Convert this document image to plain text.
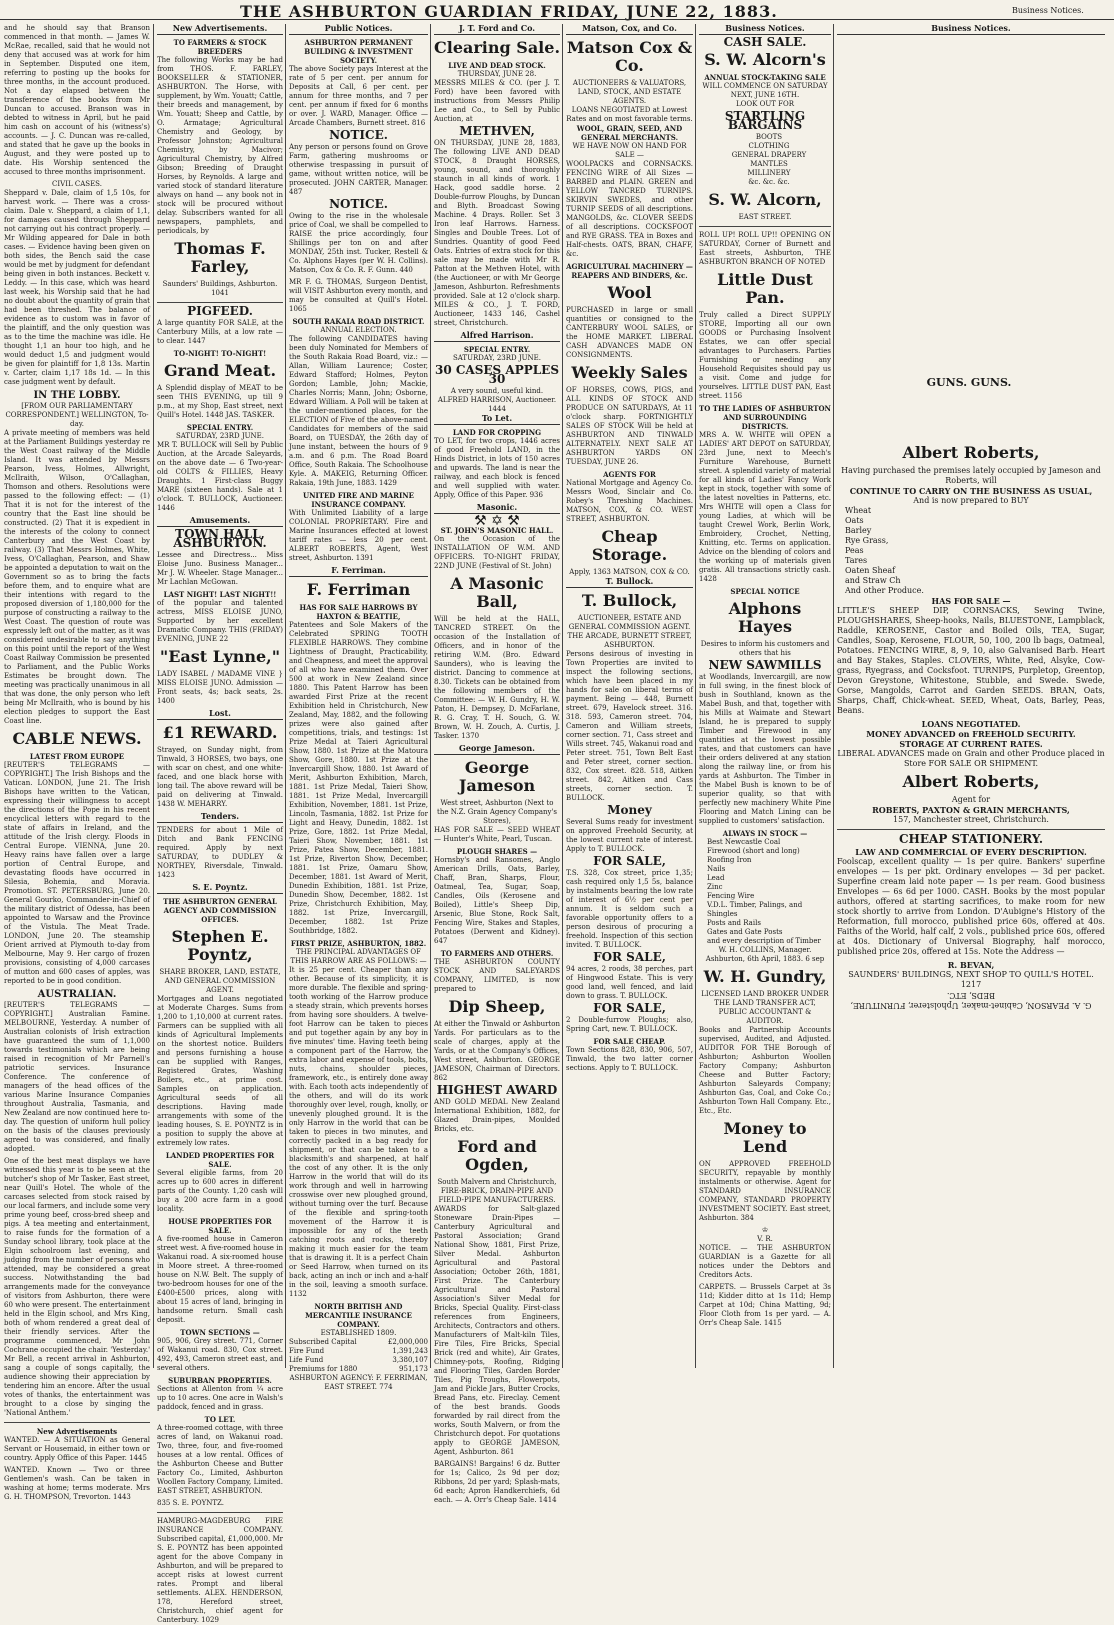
THE ASHBURTON GUARDIAN FRIDAY, JUNE 22, 1883.	Business Notices.

and he should say that Branson commenced in that month. — James W. McRae, recalled, said that he would not deny that accused was at work for him in September. Disputed one item, referring to posting up the books for three months, in the account produced. Not a day elapsed between the transference of the books from Mr Duncan to accused. Branson was in debted to witness in April, but he paid him cash on account of his (witness's) accounts. — J. C. Duncan was re-called, and stated that he gave up the books in August, and they were posted up to date. His Worship sentenced the accused to three months imprisonment.

CIVIL CASES.

Sheppard v. Dale, claim of 1,5 10s, for harvest work. — There was a cross-claim. Dale v. Sheppard, a claim of 1,1, for damages caused through Sheppard not carrying out his contract properly. — Mr Wilding appeared for Dale in both cases. — Evidence having been given on both sides, the Bench said the case would be met by judgment for defendant being given in both instances. Beckett v. Leddy. — In this case, which was heard last week, his Worship said that he had no doubt about the quantity of grain that had been threshed. The balance of evidence as to custom was in favor of the plaintiff, and the only question was as to the time the machine was idle. He thought 1,1 an hour too high, and he would deduct 1,5 and judgment would be given for plaintiff for 1,8 13s. Martin v. Carter, claim 1,17 18s 1d. — In this case judgment went by default.

IN THE LOBBY.
[FROM OUR PARLIAMENTARY CORRESPONDENT.] WELLINGTON, To-day.

A private meeting of members was held at the Parliament Buildings yesterday re the West Coast railway of the Middle Island. It was attended by Messrs Pearson, Ivess, Holmes, Allwright, McIlraith, Wilson, O'Callaghan, Thomson and others. Resolutions were passed to the following effect: — (1) That it is not for the interest of the country that the East line should be constructed. (2) That it is expedient in the interests of the colony to connect Canterbury and the West Coast by railway. (3) That Messrs Holmes, White, Ivess, O'Callaghan, Pearson, and Shaw be appointed a deputation to wait on the Government so as to bring the facts before them, and to enquire what are their intentions with regard to the proposed diversion of 1,180,000 for the purpose of constructing a railway to the West Coast. The question of route was expressly left out of the matter, as it was considered undesirable to say anything on this point until the report of the West Coast Railway Commission be presented to Parliament, and the Public Works Estimates be brought down. The meeting was practically unanimous in all that was done, the only person who left being Mr McIlraith, who is bound by his election pledges to support the East Coast line.

CABLE NEWS.
LATEST FROM EUROPE

[REUTER'S TELEGRAMS — COPYRIGHT.] The Irish Bishops and the Vatican. LONDON, June 21. The Irish Bishops have written to the Vatican, expressing their willingness to accept the directions of the Pope in his recent encyclical letters with regard to the state of affairs in Ireland, and the attitude of the Irish clergy. Floods in Central Europe. VIENNA, June 20. Heavy rains have fallen over a large portion of Central Europe, and devastating floods have occurred in Silesia, Bohemia, and Moravia. Promotion. ST. PETERSBURG, June 20. General Gourko, Commander-in-Chief of the military district of Odessa, has been appointed to Warsaw and the Province of the Vistula. The Meat Trade. LONDON, June 20. The steamship Orient arrived at Plymouth to-day from Melbourne, May 9. Her cargo of frozen provisions, consisting of 4,000 carcases of mutton and 600 cases of apples, was reported to be in good condition.

AUSTRALIAN.

[REUTER'S TELEGRAMS — COPYRIGHT.] Australian Famine. MELBOURNE, Yesterday. A number of Australian colonists of Irish extraction have guaranteed the sum of 1,1,000 towards testimonials which are being raised in recognition of Mr Parnell's patriotic services. Insurance Conference. The conference of managers of the head offices of the various Marine Insurance Companies throughout Australia, Tasmania, and New Zealand are now continued here to-day. The question of uniform hull policy on the basis of the clauses previously agreed to was considered, and finally adopted.

One of the best meat displays we have witnessed this year is to be seen at the butcher's shop of Mr Tasker, East street, near Quill's Hotel. The whole of the carcases selected from stock raised by our local farmers, and include some very prime young beef, cross-bred sheep and pigs. A tea meeting and entertainment, to raise funds for the formation of a Sunday school library, took place at the Elgin schoolroom last evening, and judging from the number of persons who attended, may be considered a great success. Notwithstanding the bad arrangements made for the conveyance of visitors from Ashburton, there were 60 who were present. The entertainment held in the Elgin school, and Mrs King, both of whom rendered a great deal of their friendly services. After the programme commenced, Mr John Cochrane occupied the chair. 'Yesterday.' Mr Bell, a recent arrival in Ashburton, sang a couple of songs capitally, the audience showing their appreciation by tendering him an encore. After the usual votes of thanks, the entertainment was brought to a close by singing the 'National Anthem.'

New Advertisements

WANTED. — A SITUATION as General Servant or Housemaid, in either town or country. Apply Office of this Paper. 1445

WANTED. Known — Two or three Gentlemen's wash. Can be taken in washing at home; terms moderate. Mrs G. H. THOMPSON, Trevorton. 1443

New Advertisements.
TO FARMERS & STOCK BREEDERS

The following Works may be had from THOS. F. FARLEY, BOOKSELLER & STATIONER, ASHBURTON. The Horse, with supplement, by Wm. Youatt; Cattle, their breeds and management, by Wm. Youatt; Sheep and Cattle, by O. Armatage; Agricultural Chemistry and Geology, by Professor Johnston; Agricultural Chemistry, by Macivor; Agricultural Chemistry, by Alfred Gibson; Breeding of Draught Horses, by Reynolds. A large and varied stock of standard literature always on hand — any book not in stock will be procured without delay. Subscribers wanted for all newspapers, pamphlets, and periodicals, by

Thomas F. Farley,
Saunders' Buildings, Ashburton. 1041
PIGFEED.

A large quantity FOR SALE, at the Canterbury Mills, at a low rate — to clear. 1447

TO-NIGHT! TO-NIGHT!
Grand Meat.

A Splendid display of MEAT to be seen THIS EVENING, up till 9 p.m., at my Shop, East street, next Quill's Hotel. 1448 JAS. TASKER.

SPECIAL ENTRY.
SATURDAY, 23RD JUNE.

MR T. BULLOCK will Sell by Public Auction, at the Arcade Saleyards, on the above date — 6 Two-year-old COLTS & FILLIES, Heavy Draughts. 1 First-class Buggy MARE (sixteen hands). Sale at 1 o'clock. T. BULLOCK, Auctioneer. 1446

Amusements.
TOWN HALL, ASHBURTON.

Lessee and Directress... Miss Eloise Juno. Business Manager... Mr J. W. Wheeler. Stage Manager... Mr Lachlan McGowan.

LAST NIGHT! LAST NIGHT!!

of the popular and talented actress, MISS ELOISE JUNO, Supported by her excellent Dramatic Company. THIS (FRIDAY) EVENING, JUNE 22

"East Lynne,"

LADY ISABEL / MADAME VINE } MISS ELOISE JUNO. Admission — Front seats, 4s; back seats, 2s. 1400

Lost.
£1 REWARD.

Strayed, on Sunday night, from Tinwald, 3 HORSES, two bays, one with scar on chest, and one white-faced, and one black horse with long tail. The above reward will be paid on delivering at Tinwald. 1438 W. MEHARRY.

Tenders.

TENDERS for about 1 Mile of Ditch and Bank FENCING required. Apply by next SATURDAY, to DUDLEY & NORTHEY, Riversdale, Tinwald. 1423

S. E. Poyntz.
THE ASHBURTON GENERAL AGENCY AND COMMISSION OFFICES.
Stephen E. Poyntz,
SHARE BROKER, LAND, ESTATE, AND GENERAL COMMISSION AGENT.

Mortgages and Loans negotiated at Moderate Charges. Sums from 1,200 to 1,10,000 at current rates. Farmers can be supplied with all kinds of Agricultural Implements on the shortest notice. Builders and persons furnishing a house can be supplied with Ranges, Registered Grates, Washing Boilers, etc., at prime cost. Samples on application. Agricultural seeds of all descriptions. Having made arrangements with some of the leading houses, S. E. POYNTZ is in a position to supply the above at extremely low rates.

LANDED PROPERTIES FOR SALE.

Several eligible farms, from 20 acres up to 600 acres in different parts of the County. 1,20 cash will buy a 200 acre farm in a good locality.

HOUSE PROPERTIES FOR SALE.

A five-roomed house in Cameron street west. A five-roomed house in Wakanui road. A six-roomed house in Moore street. A three-roomed house on N.W. Belt. The supply of two-bedroom houses for one of the £400-£500 prices, along with about 15 acres of land, bringing in handsome return. Small cash deposit.

TOWN SECTIONS —

905, 906, Grey street. 771, Corner of Wakanui road. 830, Cox street. 492, 493, Cameron street east, and several others.

SUBURBAN PROPERTIES.

Sections at Allenton from ¼ acre up to 10 acres. One acre in Walsh's paddock, fenced and in grass.

TO LET.

A three-roomed cottage, with three acres of land, on Wakanui road. Two, three, four, and five-roomed houses at a low rental. Offices of the Ashburton Cheese and Butter Factory Co., Limited, Ashburton Woollen Factory Company, Limited. EAST STREET, ASHBURTON.

835 S. E. POYNTZ.

HAMBURG-MAGDEBURG FIRE INSURANCE COMPANY. Subscribed capital, £1,000,000. Mr S. E. POYNTZ has been appointed agent for the above Company in Ashburton, and will be prepared to accept risks at lowest current rates. Prompt and liberal settlements. ALEX. HENDERSON, 178, Hereford street, Christchurch, chief agent for Canterbury. 1029

Public Notices.
ASHBURTON PERMANENT BUILDING & INVESTMENT SOCIETY.

The above Society pays Interest at the rate of 5 per cent. per annum for Deposits at Call, 6 per cent. per annum for three months, and 7 per cent. per annum if fixed for 6 months or over. J. WARD, Manager. Office — Arcade Chambers, Burnett street. 816

NOTICE.

Any person or persons found on Grove Farm, gathering mushrooms or otherwise trespassing in pursuit of game, without written notice, will be prosecuted. JOHN CARTER, Manager. 487

NOTICE.

Owing to the rise in the wholesale price of Coal, we shall be compelled to RAISE the price accordingly, four Shillings per ton on and after MONDAY, 25th inst. Tucker, Restell & Co. Alphons Hayes (per W. H. Collins). Matson, Cox & Co. R. F. Gunn. 440

MR F. G. THOMAS, Surgeon Dentist, will VISIT Ashburton every month, and may be consulted at Quill's Hotel. 1065

SOUTH RAKAIA ROAD DISTRICT.
ANNUAL ELECTION.

The following CANDIDATES having been duly Nominated for Members of the South Rakaia Road Board, viz.: — Allan, William Laurence; Coster, Edward Stafford; Holmes, Peyton Gordon; Lamble, John; Mackie, Charles Norris; Mann, John; Osborne, Edward William. A Poll will be taken at the under-mentioned places, for the ELECTION of Five of the above-named Candidates for members of the said Board, on TUESDAY, the 26th day of June instant, between the hours of 9 a.m. and 6 p.m. The Road Board Office, South Rakaia. The Schoolhouse Kyle. A. MAKEIG, Returning Officer. Rakaia, 19th June, 1883. 1429

UNITED FIRE AND MARINE INSURANCE COMPANY.

With Unlimited Liability of a large COLONIAL PROPRIETARY. Fire and Marine Insurances effected at lowest tariff rates — less 20 per cent. ALBERT ROBERTS, Agent, West street, Ashburton. 1391

F. Ferriman.
F. Ferriman
HAS FOR SALE HARROWS BY HAXTON & BEATTIE,

Patentees and Sole Makers of the Celebrated SPRING TOOTH FLEXIBLE HARROWS. They combine Lightness of Draught, Practicability, and Cheapness, and meet the approval of all who have examined them. Over 500 at work in New Zealand since 1880. This Patent Harrow has been awarded First Prize at the recent Exhibition held in Christchurch, New Zealand, May, 1882, and the following prizes were also gained after competitions, trials, and testings: 1st Prize Medal at Taieri Agricultural Show, 1880. 1st Prize at the Matoura Show, Gore, 1880. 1st Prize at the Invercargill Show, 1880. 1st Award of Merit, Ashburton Exhibition, March, 1881. 1st Prize Medal, Taieri Show, 1881. 1st Prize Medal, Invercargill Exhibition, November, 1881. 1st Prize, Lincoln, Tasmania, 1882. 1st Prize for Light and Heavy, Dunedin, 1882. 1st Prize, Gore, 1882. 1st Prize Medal, Taieri Show, November, 1881. 1st Prize, Patea Show, December, 1881. 1st Prize, Riverton Show, December, 1881. 1st Prize, Oamaru Show, December, 1881. 1st Award of Merit, Dunedin Exhibition, 1881. 1st Prize, Dunedin Show, December, 1882. 1st Prize, Christchurch Exhibition, May, 1882. 1st Prize, Invercargill, December, 1882. 1st Prize Southbridge, 1882.

FIRST PRIZE, ASHBURTON, 1882.
THE PRINCIPAL ADVANTAGES OF THIS HARROW ARE AS FOLLOWS: —

It is 25 per cent. Cheaper than any other. Because of its simplicity, it is more durable. The flexible and spring-tooth working of the Harrow produce a steady strain, which prevents horses from having sore shoulders. A twelve-foot Harrow can be taken to pieces and put together again by any boy in five minutes' time. Having teeth being a component part of the Harrow, the extra labor and expense of tools, bolts, nuts, chains, shoulder pieces, framework, etc., is entirely done away with. Each tooth acts independently of the others, and will do its work thoroughly over level, rough, knolly, or unevenly ploughed ground. It is the only Harrow in the world that can be taken to pieces in two minutes, and correctly packed in a bag ready for shipment, or that can be taken to a blacksmith's and sharpened, at half the cost of any other. It is the only Harrow in the world that will do its work through and well in harrowing crosswise over new ploughed ground, without turning over the turf. Because of the flexible and spring-tooth movement of the Harrow it is impossible for any of the teeth catching roots and rocks, thereby making it much easier for the team that is drawing it. It is a perfect Chain or Seed Harrow, when turned on its back, acting an inch or inch and a-half in the soil, leaving a smooth surface. 1132

NORTH BRITISH AND MERCANTILE INSURANCE COMPANY.
ESTABLISHED 1809.
Subscribed Capital	£2,000,000
Fire Fund	1,391,243
Life Fund	3,380,107
Premiums for 1880	951,173

ASHBURTON AGENCY: F. FERRIMAN, EAST STREET. 774

J. T. Ford and Co.
Clearing Sale.
LIVE AND DEAD STOCK.
THURSDAY, JUNE 28.

MESSRS MILES & CO. (per J. T. Ford) have been favored with instructions from Messrs Philip Lee and Co., to Sell by Public Auction, at

METHVEN,

ON THURSDAY, JUNE 28, 1883, The following LIVE AND DEAD STOCK, 8 Draught HORSES, young, sound, and thoroughly staunch in all kinds of work. 1 Hack, good saddle horse. 2 Double-furrow Ploughs, by Duncan and Blyth. Broadcast Sowing Machine. 4 Drays. Roller. Set 3 Iron leaf Harrows. Harness. Singles and Double Trees. Lot of Sundries. Quantity of good Feed Oats. Entries of extra stock for this sale may be made with Mr R. Patton at the Methven Hotel, with (the Auctioneer, or with Mr George Jameson, Ashburton. Refreshments provided. Sale at 12 o'clock sharp. MILES & CO., J. T. FORD, Auctioneer, 1433 146, Cashel street, Christchurch.

Alfred Harrison.
SPECIAL ENTRY.
SATURDAY, 23RD JUNE.
30 CASES APPLES 30
A very sound, useful kind.
ALFRED HARRISON, Auctioneer. 1444
To Let.
LAND FOR CROPPING

TO LET, for two crops, 1446 acres of good Freehold LAND, in the Hinds District, in lots of 150 acres and upwards. The land is near the railway, and each block is fenced and well supplied with water. Apply, Office of this Paper. 936

Masonic.
⚒ ✡ ⚒
ST. JOHN'S MASONIC HALL.

On the Occasion of the INSTALLATION OF W.M. AND OFFICERS. TO-NIGHT FRIDAY, 22ND JUNE (Festival of St. John)

A Masonic Ball,

Will be held at the HALL, TANCRED STREET. On the occasion of the Installation of Officers, and in honor of the retiring W.M. (Bro. Edward Saunders), who is leaving the district. Dancing to commence at 8.30. Tickets can be obtained from the following members of the Committee: — W. H. Gundry, H. W. Paton, H. Dempsey, D. McFarlane, R. G. Cray, T. H. Souch, G. W. Brown, W. H. Zouch, A. Curtis, J. Tasker. 1370

George Jameson.
George Jameson
West street, Ashburton (Next to the N.Z. Grain Agency Company's Stores),

HAS FOR SALE — SEED WHEAT — Hunter's White, Pearl, Tuscan.

PLOUGH SHARES —

Hornsby's and Ransomes, Anglo American Drills, Oats, Barley, Chaff, Bran, Sharps, Flour, Oatmeal, Tea, Sugar, Soap, Candles, Oils (Kerosene and Boiled), Little's Sheep Dip, Arsenic, Blue Stone, Rock Salt, Fencing Wire, Stakes and Staples, Potatoes (Derwent and Kidney). 647

TO FARMERS AND OTHERS.

THE ASHBURTON COUNTY STOCK AND SALEYARDS COMPANY, LIMITED, is now prepared to

Dip Sheep,

At either the Tinwald or Ashburton Yards. For particulars as to the scale of charges, apply at the Yards, or at the Company's Offices, West street, Ashburton. GEORGE JAMESON, Chairman of Directors. 862

HIGHEST AWARD

AND GOLD MEDAL New Zealand International Exhibition, 1882, for Glazed Drain-pipes, Moulded Bricks, etc.

Ford and Ogden,
South Malvern and Christchurch, FIRE-BRICK, DRAIN-PIPE AND FIELD-PIPE MANUFACTURERS.

AWARDS for Salt-glazed Stoneware Drain-Pipes — Canterbury Agricultural and Pastoral Association; Grand National Show, 1881, First Prize, Silver Medal. Ashburton Agricultural and Pastoral Association; October 26th, 1881, First Prize. The Canterbury Agricultural and Pastoral Association's Silver Medal for Bricks, Special Quality. First-class references from Engineers, Architects, Contractors and others. Manufacturers of Malt-kiln Tiles, Fire Tiles, Fire Bricks, Special Brick (red and white), Air Grates, Chimney-pots, Roofing, Ridging and Flooring Tiles, Garden Border Tiles, Pig Troughs, Flowerpots, Jam and Pickle Jars, Butter Crocks, Bread Pans, etc. Fireclay. Cement of the best brands. Goods forwarded by rail direct from the works, South Malvern, or from the Christchurch depot. For quotations apply to GEORGE JAMESON, Agent, Ashburton. 861

BARGAINS! Bargains! 6 dz. Butter for 1s; Calico, 2s 9d per doz; Ribbons, 2d per yard; Splash-mats, 6d each; Apron Handkerchiefs, 6d each. — A. Orr's Cheap Sale. 1414

Matson, Cox, and Co.
Matson Cox & Co.
AUCTIONEERS & VALUATORS, LAND, STOCK, AND ESTATE AGENTS.
LOANS NEGOTIATED at Lowest Rates and on most favorable terms.
WOOL, GRAIN, SEED, AND GENERAL MERCHANTS.
WE HAVE NOW ON HAND FOR SALE —

WOOLPACKS and CORNSACKS. FENCING WIRE of All Sizes — BARBED and PLAIN. GREEN and YELLOW TANCRED TURNIPS. SKIRVIN SWEDES, and other TURNIP SEEDS of all descriptions. MANGOLDS, &c. CLOVER SEEDS of all descriptions. COCKSFOOT and RYE GRASS. TEA in Boxes and Half-chests. OATS, BRAN, CHAFF, &c.

AGRICULTURAL MACHINERY — REAPERS AND BINDERS, &c.
Wool

PURCHASED in large or small quantities or consigned to the CANTERBURY WOOL SALES, or the HOME MARKET. LIBERAL CASH ADVANCES MADE ON CONSIGNMENTS.

Weekly Sales

OF HORSES, COWS, PIGS, and ALL KINDS OF STOCK AND PRODUCE ON SATURDAYS, At 11 o'clock sharp. FORTNIGHTLY SALES OF STOCK Will be held at ASHBURTON AND TINWALD ALTERNATELY. NEXT SALE AT ASHBURTON YARDS ON TUESDAY, JUNE 26.

AGENTS FOR

National Mortgage and Agency Co. Messrs Wood, Sinclair and Co. Robey's Threshing Machines. MATSON, COX, & CO. WEST STREET, ASHBURTON.

Cheap Storage.
Apply, 1363 MATSON, COX & CO.
T. Bullock.
T. Bullock,
AUCTIONEER, ESTATE AND GENERAL COMMISSION AGENT. THE ARCADE, BURNETT STREET, ASHBURTON.

Persons desirous of investing in Town Properties are invited to inspect the following sections, which have been placed in my hands for sale on liberal terms of payment. Being — 448, Burnett street. 679, Havelock street. 316. 318. 593, Cameron street. 704, Cameron and William streets, corner section. 71, Cass street and Wills street. 745, Wakanui road and Peter street. 751, Town Belt East and Peter street, corner section. 832, Cox street. 828. 518, Aitken street. 842, Aitken and Cass streets, corner section. T. BULLOCK.

Money

Several Sums ready for investment on approved Freehold Security, at the lowest current rate of interest. Apply to T. BULLOCK.

FOR SALE,

T.S. 328, Cox street, price 1,35; cash required only 1,5 5s, balance by instalments bearing the low rate of interest of 6½ per cent per annum. It is seldom such a favorable opportunity offers to a person desirous of procuring a freehold. Inspection of this section invited. T. BULLOCK.

FOR SALE,

94 acres, 2 roods, 38 perches, part of Hingwood Estate. This is very good land, well fenced, and laid down to grass. T. BULLOCK.

FOR SALE,

2 Double-furrow Ploughs; also, Spring Cart, new. T. BULLOCK.

FOR SALE CHEAP.

Town Sections 828, 830, 906, 507, Tinwald, the two latter corner sections. Apply to T. BULLOCK.

Business Notices.
CASH SALE.
S. W. Alcorn's
ANNUAL STOCK-TAKING SALE
WILL COMMENCE ON SATURDAY NEXT, JUNE 16TH.
LOOK OUT FOR
STARTLING BARGAINS
BOOTS
CLOTHING
GENERAL DRAPERY
MANTLES
MILLINERY
&c. &c. &c.
S. W. Alcorn,
EAST STREET.

ROLL UP! ROLL UP!! OPENING ON SATURDAY, Corner of Burnett and East streets, Ashburton, THE ASHBURTON BRANCH OF NOTED

Little Dust Pan.

Truly called a Direct SUPPLY STORE, Importing all our own GOODS or Purchasing Insolvent Estates, we can offer special advantages to Purchasers. Parties Furnishing or needing any Household Requisites should pay us a visit. Come and judge for yourselves. LITTLE DUST PAN, East street. 1156

TO THE LADIES OF ASHBURTON AND SURROUNDING DISTRICTS.

MRS A. W. WHITE will OPEN a LADIES' ART DEPOT on SATURDAY, 23rd June, next to Meech's Furniture Warehouse, Burnett street. A splendid variety of material for all kinds of Ladies' Fancy Work kept in stock, together with some of the latest novelties in Patterns, etc. Mrs WHITE will open a Class for young Ladies, at which will be taught Crewel Work, Berlin Work, Embroidery, Crochet, Netting, Knitting, etc. Terms on application. Advice on the blending of colors and the working up of materials given gratis. All transactions strictly cash. 1428

SPECIAL NOTICE
Alphons Hayes
Desires to inform his customers and others that his
NEW SAWMILLS

at Woodlands, Invercargill, are now in full swing, in the finest block of bush in Southland, known as the Mabel Bush, and that, together with his Mills at Waimate and Stewart Island, he is prepared to supply Timber and Firewood in any quantities at the lowest possible rates, and that customers can have their orders delivered at any station along the railway line, or from his yards at Ashburton. The Timber in the Mabel Bush is known to be of superior quality, so that with perfectly new machinery White Pine Flooring and Match Lining can be supplied to customers' satisfaction.

ALWAYS IN STOCK —
Best Newcastle Coal
Firewood (short and long)
Roofing Iron
Nails
Lead
Zinc
Fencing Wire
V.D.L. Timber, Palings, and Shingles
Posts and Rails
Gates and Gate Posts
and every description of Timber
W. H. COLLINS, Manager.
Ashburton, 6th April, 1883. 6 sep
W. H. Gundry,
LICENSED LAND BROKER UNDER THE LAND TRANSFER ACT, PUBLIC ACCOUNTANT & AUDITOR.

Books and Partnership Accounts supervised, Audited, and Adjusted. AUDITOR FOR THE Borough of Ashburton; Ashburton Woollen Factory Company; Ashburton Cheese and Butter Factory; Ashburton Saleyards Company; Ashburton Gas, Coal, and Coke Co.; Ashburton Town Hall Company. Etc., Etc., Etc.

Money to Lend

ON APPROVED FREEHOLD SECURITY, repayable by monthly instalments or otherwise. Agent for STANDARD INSURANCE COMPANY, STANDARD PROPERTY INVESTMENT SOCIETY. East street, Ashburton. 384

♔
V. R.

NOTICE. — THE ASHBURTON GUARDIAN is a Gazette for all notices under the Debtors and Creditors Acts.

CARPETS. — Brussels Carpet at 3s 11d; Kidder ditto at 1s 11d; Hemp Carpet at 10d; China Matting, 9d; Floor Cloth from 1s per yard. — A. Orr's Cheap Sale. 1415

Business Notices.
Albert Roberts,
Having purchased the premises lately occupied by Jameson and Roberts, will
CONTINUE TO CARRY ON THE BUSINESS AS USUAL,
And is now prepared to BUY
Wheat
Oats
Barley
Rye Grass,
Peas
Tares
Oaten Sheaf
and Straw Ch
And other Produce.
HAS FOR SALE —

LITTLE'S SHEEP DIP, CORNSACKS, Sewing Twine, PLOUGHSHARES, Sheep-hooks, Nails, BLUESTONE, Lampblack, Raddle, KEROSENE, Castor and Boiled Oils, TEA, Sugar, Candles, Soap, Kerosene, FLOUR, 50, 100, 200 lb bags, Oatmeal, Potatoes. FENCING WIRE, 8, 9, 10, also Galvanised Barb. Heart and Bay Stakes, Staples. CLOVERS, White, Red, Alsyke, Cow-grass, Ryegrass, and Cocksfoot. TURNIPS, Purpletop, Greentop, Devon Greystone, Whitestone, Stubble, and Swede. Swede, Gorse, Mangolds, Carrot and Garden SEEDS. BRAN, Oats, Sharps, Chaff, Chick-wheat. SEED, Wheat, Oats, Barley, Peas, Beans.

LOANS NEGOTIATED.
MONEY ADVANCED on FREEHOLD SECURITY.
STORAGE AT CURRENT RATES.
LIBERAL ADVANCES made on Grain and other Produce placed in Store FOR SALE OR SHIPMENT.
Albert Roberts,
Agent for
ROBERTS, PAXTON & GRAIN MERCHANTS,
157, Manchester street, Christchurch.
CHEAP STATIONERY.
LAW AND COMMERCIAL OF EVERY DESCRIPTION.

Foolscap, excellent quality — 1s per quire. Bankers' superfine envelopes — 1s per pkt. Ordinary envelopes — 3d per packet. Superfine cream laid note paper — 1s per ream. Good business Envelopes — 6s 6d per 1000. CASH. Books by the most popular authors, offered at starting sacrifices, to make room for new stock shortly to arrive from London. D'Aubigne's History of the Reformation, full morocco, published price 60s, offered at 40s. Faiths of the World, half calf, 2 vols., published price 60s, offered at 40s. Dictionary of Universal Biography, half morocco, published price 20s, offered at 15s. Note the Address —

R. BEVAN,
SAUNDERS' BUILDINGS, NEXT SHOP TO QUILL'S HOTEL. 1217
G. A. PEARSON, Cabinet-maker, Upholsterer, FURNITURE, BEDS, ETC.
GUNS. GUNS.
